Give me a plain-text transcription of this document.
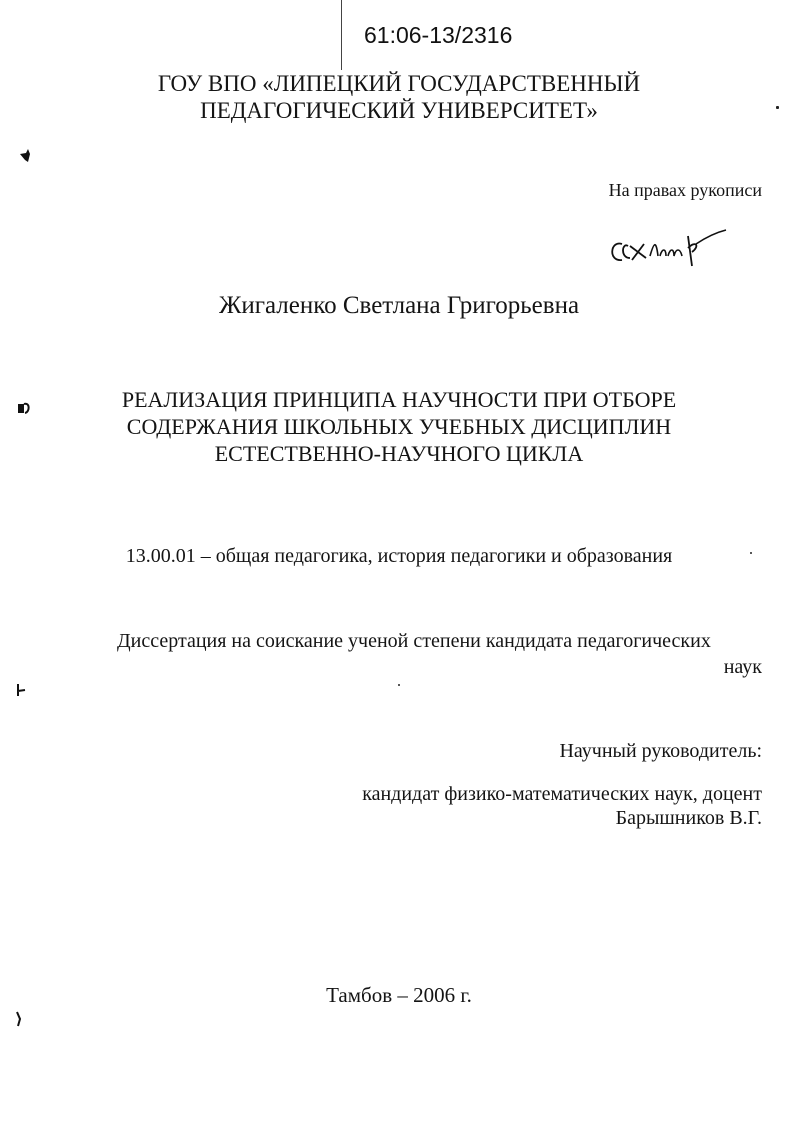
61:06-13/2316
ГОУ ВПО «ЛИПЕЦКИЙ ГОСУДАРСТВЕННЫЙ
ПЕДАГОГИЧЕСКИЙ УНИВЕРСИТЕТ»
На правах рукописи
Жигаленко Светлана Григорьевна
РЕАЛИЗАЦИЯ ПРИНЦИПА НАУЧНОСТИ ПРИ ОТБОРЕ
СОДЕРЖАНИЯ ШКОЛЬНЫХ УЧЕБНЫХ ДИСЦИПЛИН
ЕСТЕСТВЕННО-НАУЧНОГО ЦИКЛА
13.00.01 – общая педагогика, история педагогики и образования
Диссертация на соискание ученой степени кандидата педагогических
наук
Научный руководитель:
кандидат физико-математических наук, доцент
Барышников В.Г.
Тамбов – 2006 г.
